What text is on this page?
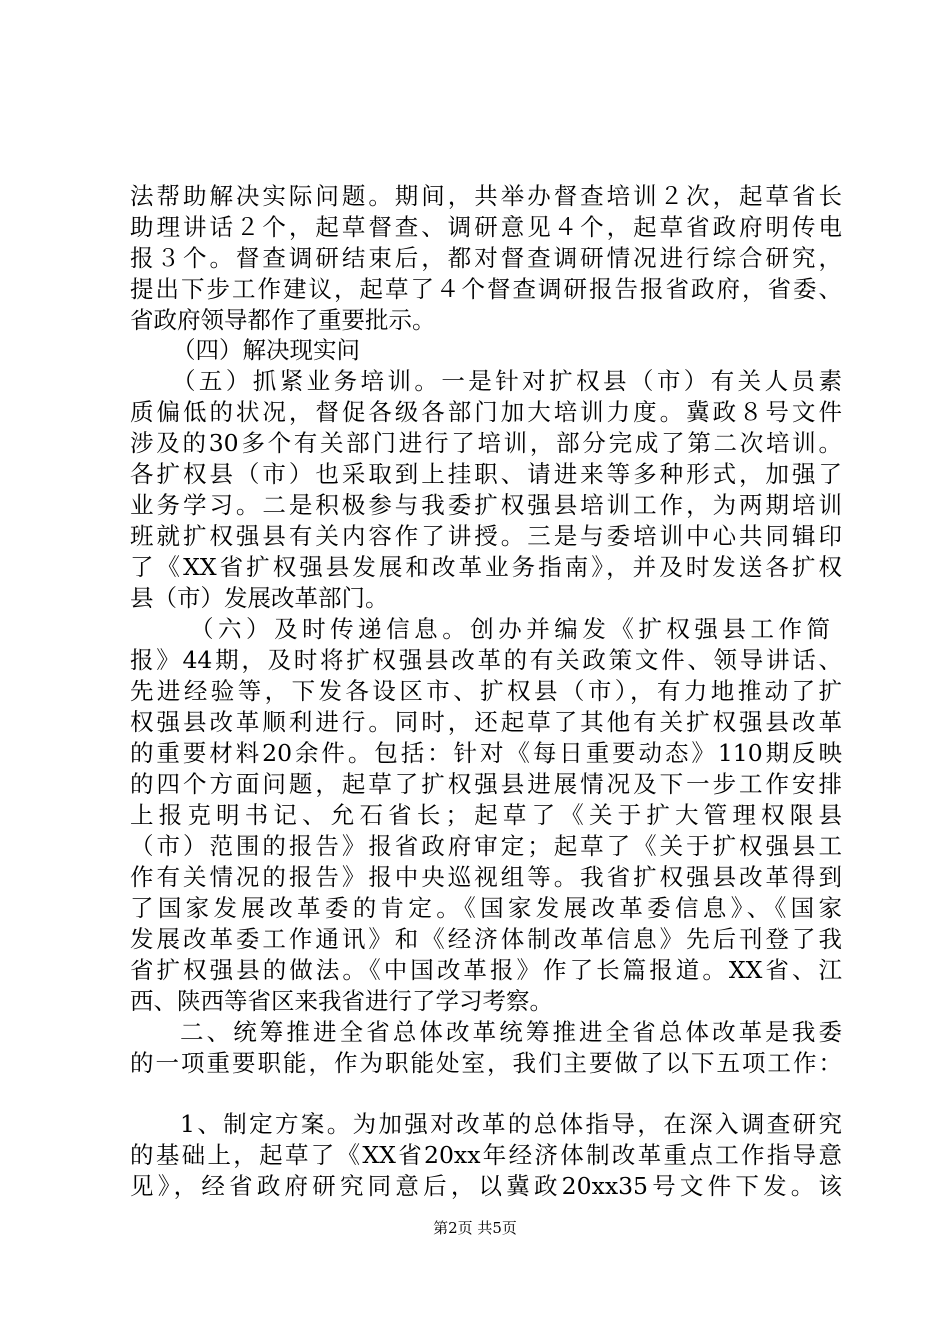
法帮助解决实际问题。期间，共举办督查培训２次，起草省长
助理讲话２个，起草督查、调研意见４个，起草省政府明传电
报３个。督查调研结束后，都对督查调研情况进行综合研究，
提出下步工作建议，起草了４个督查调研报告报省政府，省委、
省政府领导都作了重要批示。
（四）解决现实问
（五）抓紧业务培训。一是针对扩权县（市）有关人员素
质偏低的状况，督促各级各部门加大培训力度。冀政８号文件
涉及的30多个有关部门进行了培训，部分完成了第二次培训。
各扩权县（市）也采取到上挂职、请进来等多种形式，加强了
业务学习。二是积极参与我委扩权强县培训工作，为两期培训
班就扩权强县有关内容作了讲授。三是与委培训中心共同辑印
了《XX省扩权强县发展和改革业务指南》，并及时发送各扩权
县（市）发展改革部门。
（六）及时传递信息。创办并编发《扩权强县工作简
报》44期，及时将扩权强县改革的有关政策文件、领导讲话、
先进经验等，下发各设区市、扩权县（市），有力地推动了扩
权强县改革顺利进行。同时，还起草了其他有关扩权强县改革
的重要材料20余件。包括：针对《每日重要动态》110期反映
的四个方面问题，起草了扩权强县进展情况及下一步工作安排
上报克明书记、允石省长；起草了《关于扩大管理权限县
（市）范围的报告》报省政府审定；起草了《关于扩权强县工
作有关情况的报告》报中央巡视组等。我省扩权强县改革得到
了国家发展改革委的肯定。《国家发展改革委信息》、《国家
发展改革委工作通讯》和《经济体制改革信息》先后刊登了我
省扩权强县的做法。《中国改革报》作了长篇报道。XX省、江
西、陕西等省区来我省进行了学习考察。
二、统筹推进全省总体改革统筹推进全省总体改革是我委
的一项重要职能，作为职能处室，我们主要做了以下五项工作：
1、制定方案。为加强对改革的总体指导，在深入调查研究
的基础上，起草了《XX省20xx年经济体制改革重点工作指导意
见》，经省政府研究同意后，以冀政20xx35号文件下发。该
第2页 共5页
